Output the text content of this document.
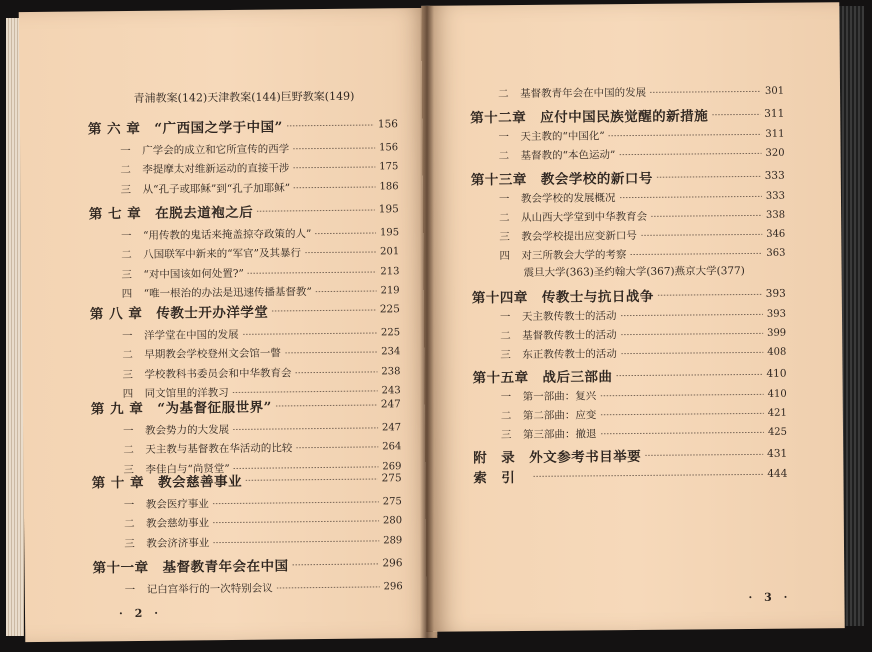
青浦教案(142)天津教案(144)巨野教案(149)
第 六 章　 “广西国之学于中国”	156
一 广学会的成立和它所宣传的西学	156
二 李提摩太对维新运动的直接干涉	175
三 从“孔子或耶稣”到“孔子加耶稣”	186
第 七 章　 在脱去道袍之后	195
一 “用传教的鬼话来掩盖掠夺政策的人”	195
二 八国联军中新来的“军官”及其暴行	201
三 “对中国该如何处置?”	213
四 “唯一根治的办法是迅速传播基督教”	219
第 八 章　 传教士开办洋学堂	225
一 洋学堂在中国的发展	225
二 早期教会学校登州文会馆一瞥	234
三 学校教科书委员会和中华教育会	238
四 同文馆里的洋教习	243
第 九 章　 “为基督征服世界”	247
一 教会势力的大发展	247
二 天主教与基督教在华活动的比较	264
三 李佳白与“尚贤堂”	269
第 十 章　 教会慈善事业	275
一 教会医疗事业	275
二 教会慈幼事业	280
三 教会济济事业	289
第十一章　 基督教青年会在中国	296
一 记白宫举行的一次特别会议	296
· 2 ·
二 基督教青年会在中国的发展	301
第十二章　 应付中国民族觉醒的新措施	311
一 天主教的“中国化”	311
二 基督教的“本色运动”	320
第十三章　 教会学校的新口号	333
一 教会学校的发展概况	333
二 从山西大学堂到中华教育会	338
三 教会学校提出应变新口号	346
四 对三所教会大学的考察	363
震旦大学(363)圣约翰大学(367)燕京大学(377)
第十四章　 传教士与抗日战争	393
一 天主教传教士的活动	393
二 基督教传教士的活动	399
三 东正教传教士的活动	408
第十五章　 战后三部曲	410
一 第一部曲：复兴	410
二 第二部曲：应变	421
三 第三部曲：撤退	425
附　录　 外文参考书目举要	431
索　引　	444
· 3 ·
